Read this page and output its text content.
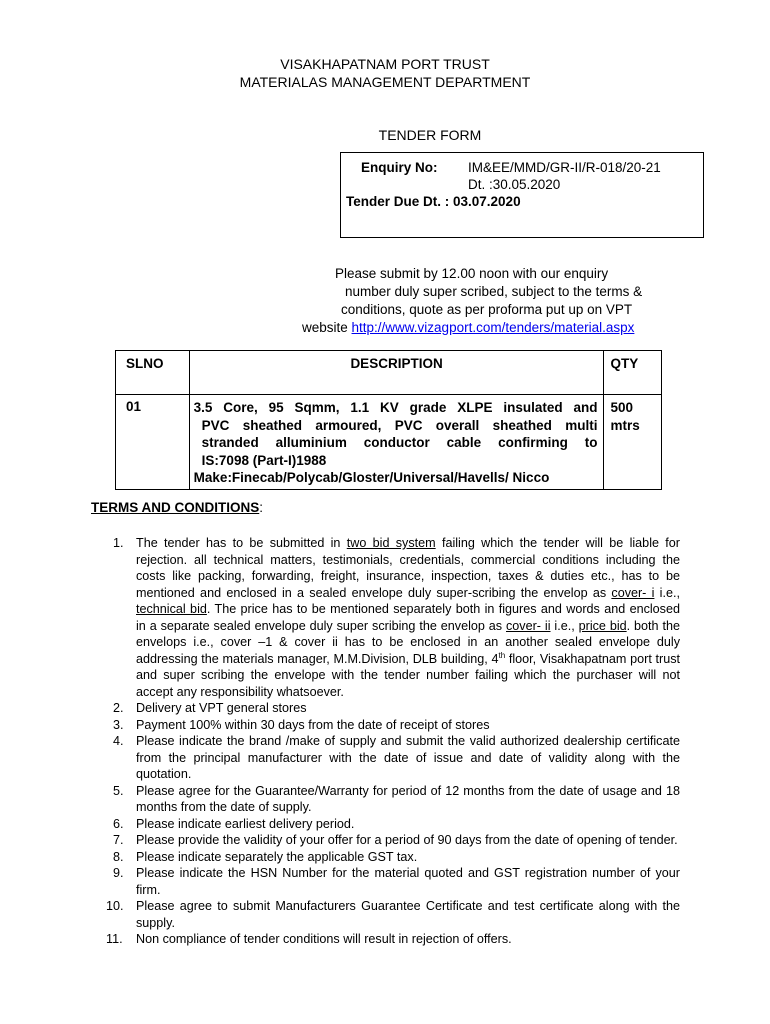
VISAKHAPATNAM PORT TRUST
MATERIALAS MANAGEMENT DEPARTMENT
TENDER FORM
Enquiry No: IM&EE/MMD/GR-II/R-018/20-21
Dt. :30.05.2020
Tender Due Dt. : 03.07.2020
Please submit by 12.00 noon with our enquiry
number duly super scribed, subject to the terms &
conditions, quote as per proforma put up on VPT
website http://www.vizagport.com/tenders/material.aspx
SLNO	DESCRIPTION	QTY
01	3.5 Core, 95 Sqmm, 1.1 KV grade XLPE insulated and
PVC sheathed armoured, PVC overall sheathed multi
stranded alluminium conductor cable confirming to
IS:7098 (Part-I)1988
Make:Finecab/Polycab/Gloster/Universal/Havells/ Nicco	500
mtrs
TERMS AND CONDITIONS:
1. The tender has to be submitted in two bid system failing which the tender will be liable for rejection. all technical matters, testimonials, credentials, commercial conditions including the costs like packing, forwarding, freight, insurance, inspection, taxes & duties etc., has to be mentioned and enclosed in a sealed envelope duly super-scribing the envelop as cover- i i.e., technical bid. The price has to be mentioned separately both in figures and words and enclosed in a separate sealed envelope duly super scribing the envelop as cover- ii i.e., price bid. both the envelops i.e., cover –1 & cover ii has to be enclosed in an another sealed envelope duly addressing the materials manager, M.M.Division, DLB building, 4th floor, Visakhapatnam port trust and super scribing the envelope with the tender number failing which the purchaser will not accept any responsibility whatsoever.
2. Delivery at VPT general stores
3. Payment 100% within 30 days from the date of receipt of stores
4. Please indicate the brand /make of supply and submit the valid authorized dealership certificate from the principal manufacturer with the date of issue and date of validity along with the quotation.
5. Please agree for the Guarantee/Warranty for period of 12 months from the date of usage and 18 months from the date of supply.
6. Please indicate earliest delivery period.
7. Please provide the validity of your offer for a period of 90 days from the date of opening of tender.
8. Please indicate separately the applicable GST tax.
9. Please indicate the HSN Number for the material quoted and GST registration number of your firm.
10. Please agree to submit Manufacturers Guarantee Certificate and test certificate along with the supply.
11. Non compliance of tender conditions will result in rejection of offers.
